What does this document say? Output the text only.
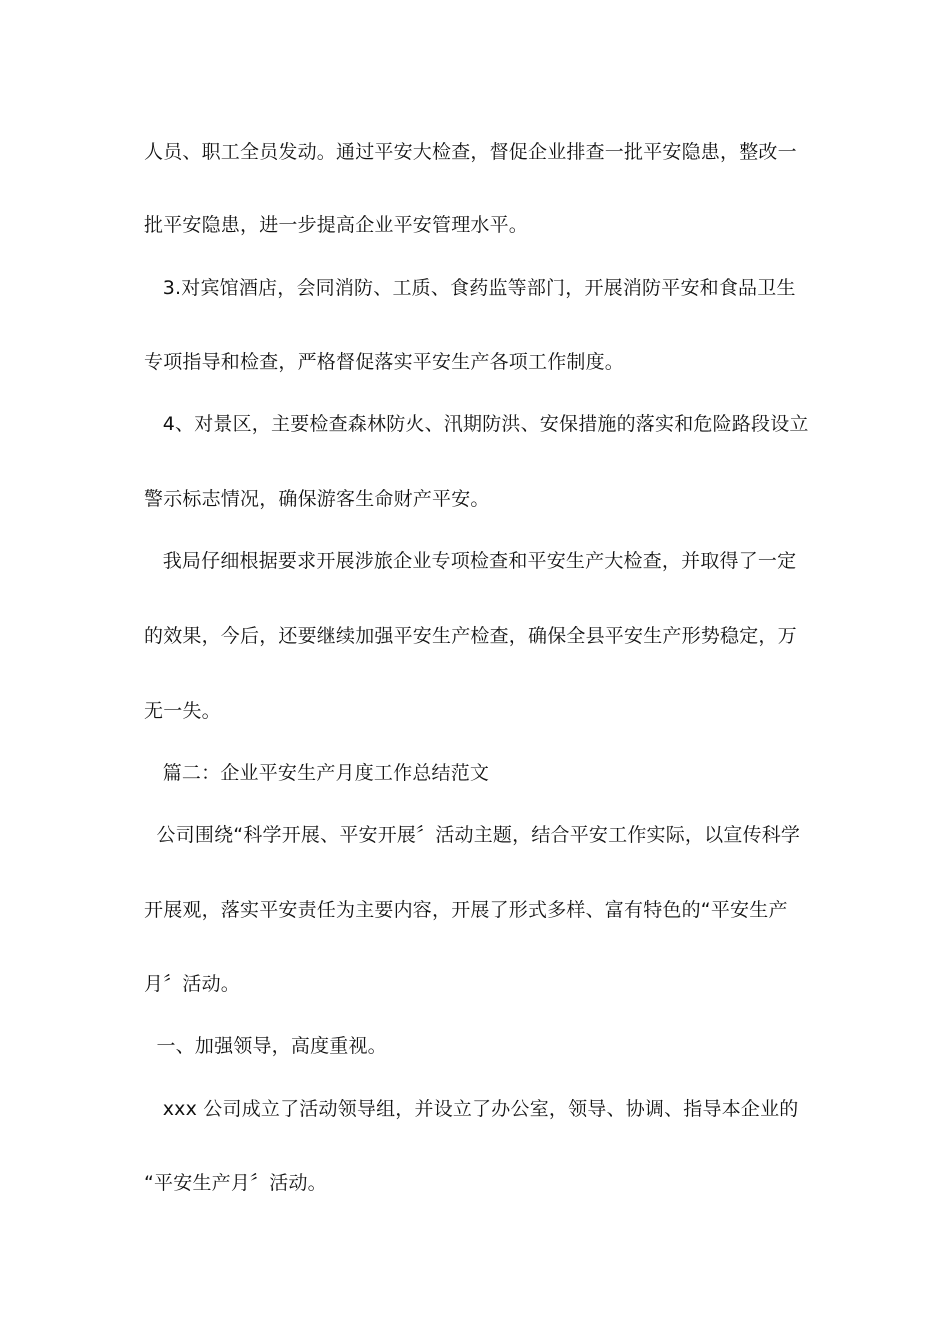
人员、职工全员发动。通过平安大检查，督促企业排查一批平安隐患，整改一
批平安隐患，进一步提高企业平安管理水平。
3.对宾馆酒店，会同消防、工质、食药监等部门，开展消防平安和食品卫生
专项指导和检查，严格督促落实平安生产各项工作制度。
4、对景区，主要检查森林防火、汛期防洪、安保措施的落实和危险路段设立
警示标志情况，确保游客生命财产平安。
我局仔细根据要求开展涉旅企业专项检查和平安生产大检查，并取得了一定
的效果，今后，还要继续加强平安生产检查，确保全县平安生产形势稳定，万
无一失。
篇二：企业平安生产月度工作总结范文
公司围绕“科学开展、平安开展〞活动主题，结合平安工作实际，以宣传科学
开展观，落实平安责任为主要内容，开展了形式多样、富有特色的“平安生产
月〞活动。
一、加强领导，高度重视。
xxx 公司成立了活动领导组，并设立了办公室，领导、协调、指导本企业的
“平安生产月〞活动。
